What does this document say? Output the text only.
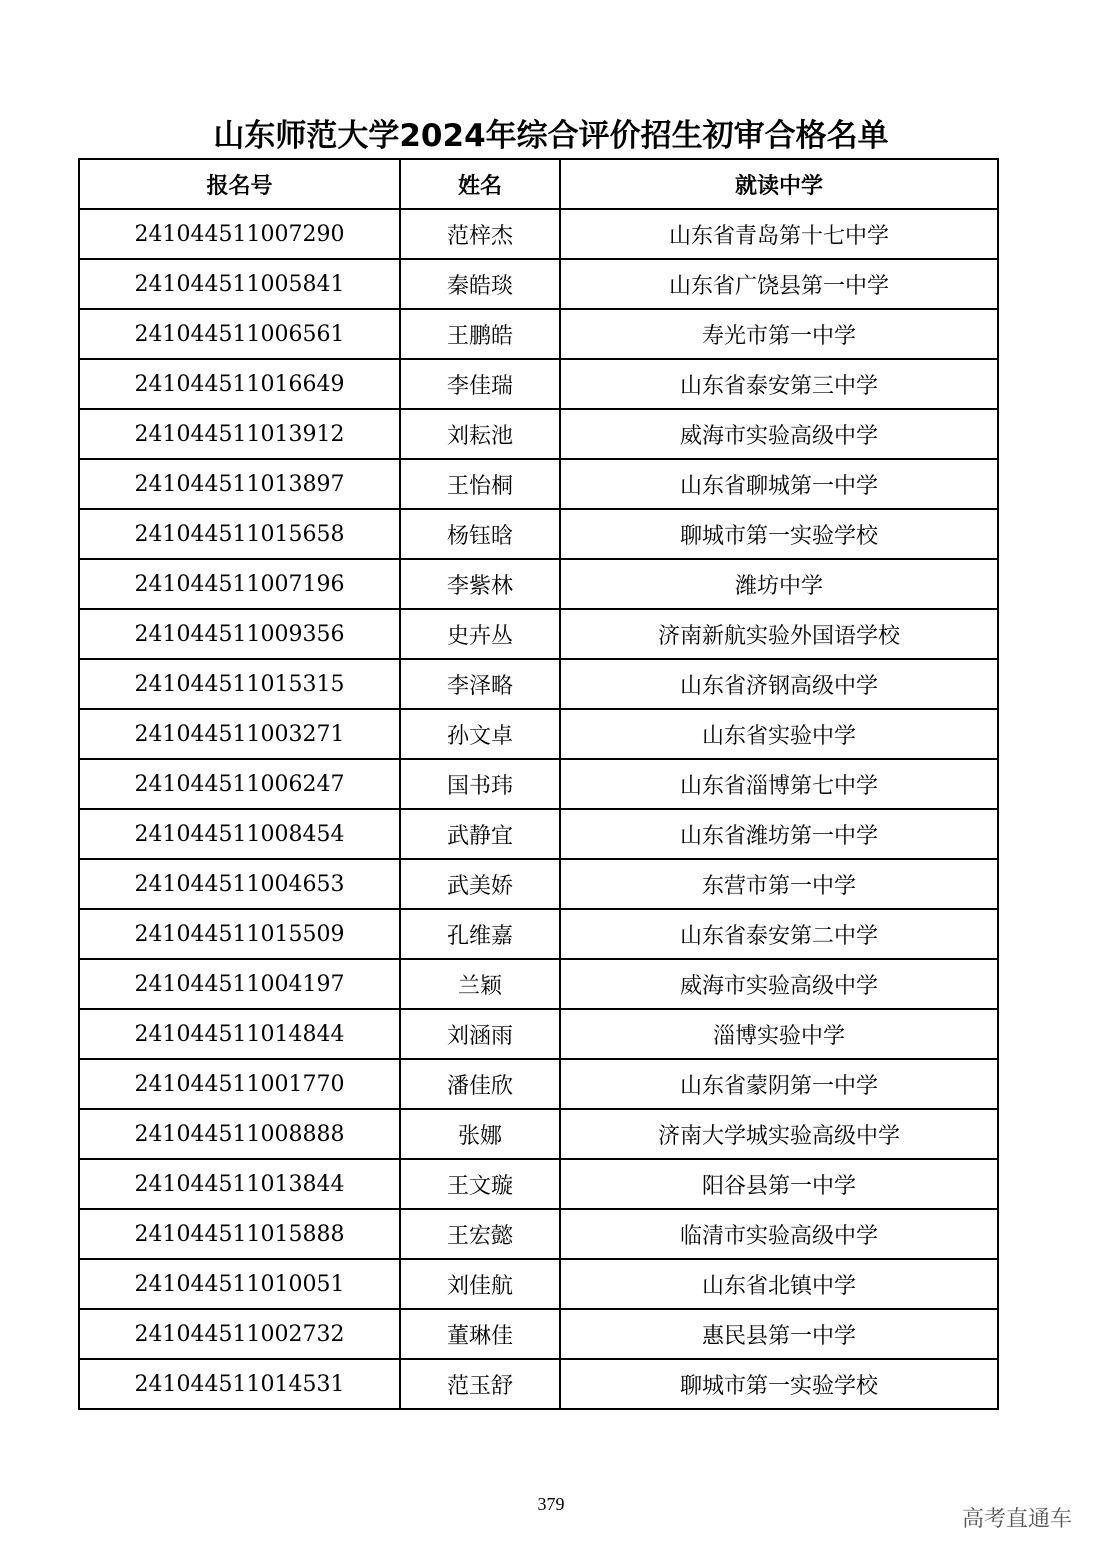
山东师范大学2024年综合评价招生初审合格名单
报名号	姓名	就读中学
241044511007290	范梓杰	山东省青岛第十七中学
241044511005841	秦皓琰	山东省广饶县第一中学
241044511006561	王鹏皓	寿光市第一中学
241044511016649	李佳瑞	山东省泰安第三中学
241044511013912	刘耘池	威海市实验高级中学
241044511013897	王怡桐	山东省聊城第一中学
241044511015658	杨钰晗	聊城市第一实验学校
241044511007196	李紫林	潍坊中学
241044511009356	史卉丛	济南新航实验外国语学校
241044511015315	李泽略	山东省济钢高级中学
241044511003271	孙文卓	山东省实验中学
241044511006247	国书玮	山东省淄博第七中学
241044511008454	武静宜	山东省潍坊第一中学
241044511004653	武美娇	东营市第一中学
241044511015509	孔维嘉	山东省泰安第二中学
241044511004197	兰颖	威海市实验高级中学
241044511014844	刘涵雨	淄博实验中学
241044511001770	潘佳欣	山东省蒙阴第一中学
241044511008888	张娜	济南大学城实验高级中学
241044511013844	王文璇	阳谷县第一中学
241044511015888	王宏懿	临清市实验高级中学
241044511010051	刘佳航	山东省北镇中学
241044511002732	董琳佳	惠民县第一中学
241044511014531	范玉舒	聊城市第一实验学校
379
高考直通车
